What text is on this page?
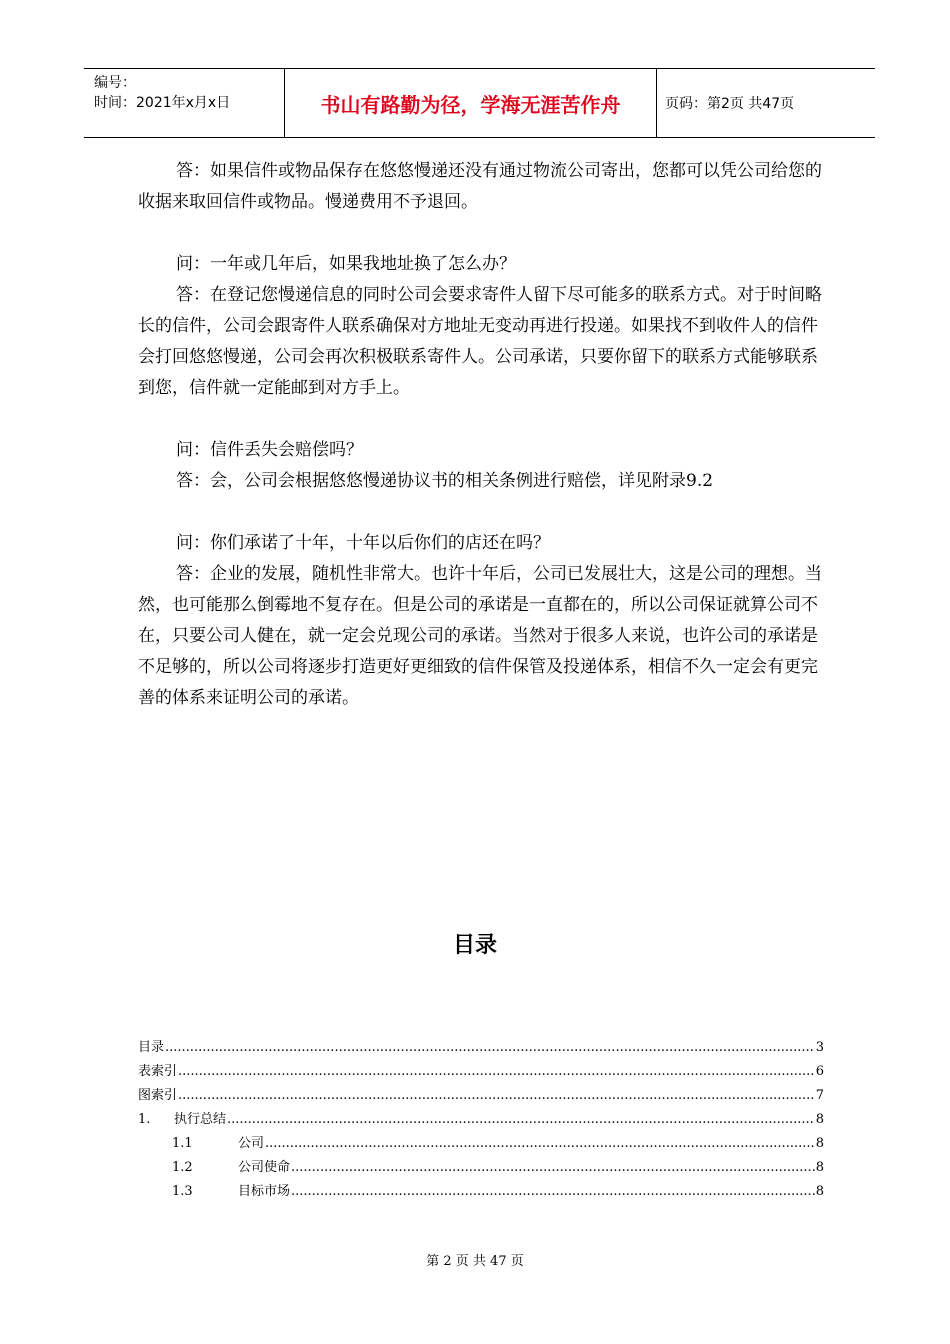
编号：
时间：2021年x月x日	书山有路勤为径，学海无涯苦作舟	页码：第2页 共47页

答：如果信件或物品保存在悠悠慢递还没有通过物流公司寄出，您都可以凭公司给您的收据来取回信件或物品。慢递费用不予退回。

问：一年或几年后，如果我地址换了怎么办？

答：在登记您慢递信息的同时公司会要求寄件人留下尽可能多的联系方式。对于时间略长的信件，公司会跟寄件人联系确保对方地址无变动再进行投递。如果找不到收件人的信件会打回悠悠慢递，公司会再次积极联系寄件人。公司承诺，只要你留下的联系方式能够联系到您，信件就一定能邮到对方手上。

问：信件丢失会赔偿吗？

答：会，公司会根据悠悠慢递协议书的相关条例进行赔偿，详见附录9.2

问：你们承诺了十年，十年以后你们的店还在吗？

答：企业的发展，随机性非常大。也许十年后，公司已发展壮大，这是公司的理想。当然，也可能那么倒霉地不复存在。但是公司的承诺是一直都在的，所以公司保证就算公司不在，只要公司人健在，就一定会兑现公司的承诺。当然对于很多人来说，也许公司的承诺是不足够的，所以公司将逐步打造更好更细致的信件保管及投递体系，相信不久一定会有更完善的体系来证明公司的承诺。

目录
目录 .....	3
表索引 .....	6
图索引 .....	7
1.	执行总结 .....	8
1.1	公司 .....	8
1.2	公司使命 .....	8
1.3	目标市场 .....	8
第 2 页 共 47 页
